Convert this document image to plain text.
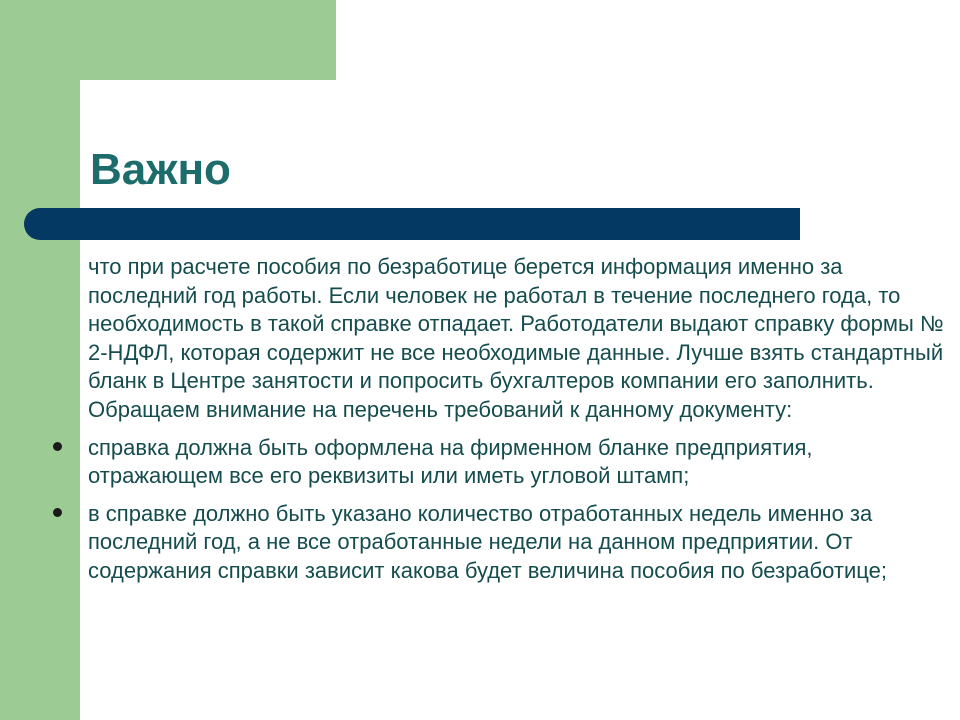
Важно

что при расчете пособия по безработице берется информация именно за последний год работы. Если человек не работал в течение последнего года, то необходимость в такой справке отпадает. Работодатели выдают справку формы № 2-НДФЛ, которая содержит не все необходимые данные. Лучше взять стандартный бланк в Центре занятости и попросить бухгалтеров компании его заполнить. Обращаем внимание на перечень требований к данному документу:

справка должна быть оформлена на фирменном бланке предприятия, отражающем все его реквизиты или иметь угловой штамп;
в справке должно быть указано количество отработанных недель именно за последний год, а не все отработанные недели на данном предприятии. От содержания справки зависит какова будет величина пособия по безработице;
